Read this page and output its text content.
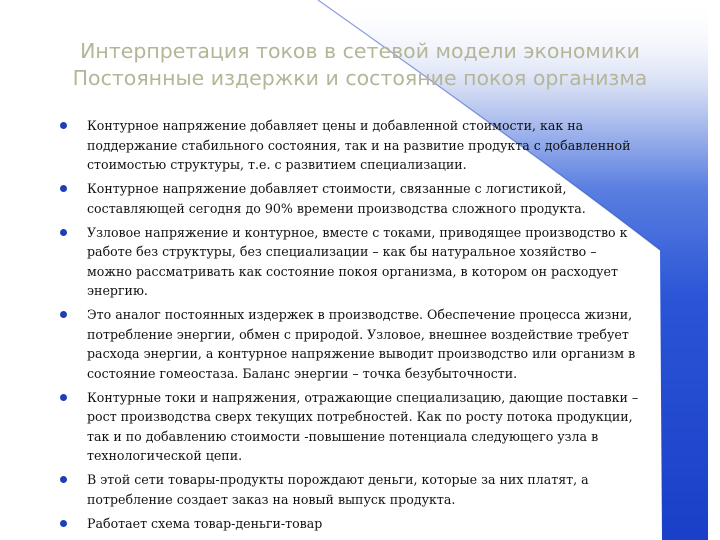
Интерпретация токов в сетевой модели экономики
Постоянные издержки и состояние покоя организма
Контурное напряжение добавляет цены и добавленной стоимости, как на поддержание стабильного состояния, так и на развитие продукта с добавленной стоимостью структуры, т.е. с развитием специализации.
Контурное напряжение добавляет стоимости, связанные с логистикой, составляющей сегодня до 90% времени производства сложного продукта.
Узловое напряжение и контурное, вместе с токами, приводящее производство к работе без структуры, без специализации – как бы натуральное хозяйство – можно рассматривать как состояние покоя организма, в котором он расходует энергию.
Это аналог постоянных издержек в производстве. Обеспечение процесса жизни, потребление энергии, обмен с природой. Узловое, внешнее воздействие требует расхода энергии, а контурное напряжение выводит производство или организм в состояние гомеостаза. Баланс энергии – точка безубыточности.
Контурные токи и напряжения, отражающие специализацию, дающие поставки – рост производства сверх текущих потребностей. Как по росту потока продукции, так и по добавлению стоимости -повышение потенциала следующего узла в технологической цепи.
В этой сети товары-продукты порождают деньги, которые за них платят, а потребление создает заказ на новый выпуск продукта.
Работает схема товар-деньги-товар
